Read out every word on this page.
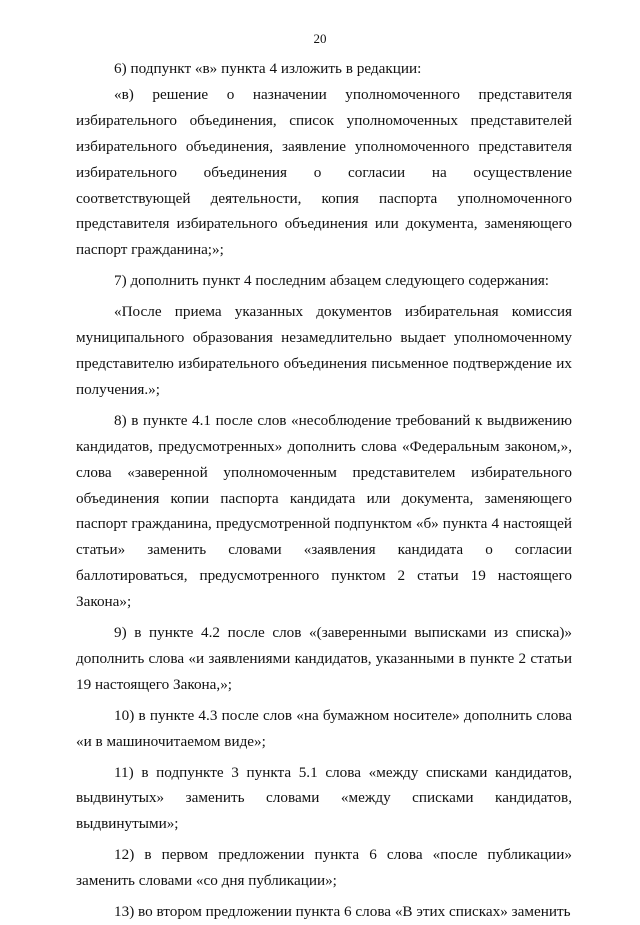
20

6) подпункт «в» пункта 4 изложить в редакции:

«в) решение о назначении уполномоченного представителя избирательного объединения, список уполномоченных представителей избирательного объединения, заявление уполномоченного представителя избирательного объединения о согласии на осуществление соответствующей деятельности, копия паспорта уполномоченного представителя избирательного объединения или документа, заменяющего паспорт гражданина;»;

7) дополнить пункт 4 последним абзацем следующего содержания:

«После приема указанных документов избирательная комиссия муниципального образования незамедлительно выдает уполномоченному представителю избирательного объединения письменное подтверждение их получения.»;

8) в пункте 4.1 после слов «несоблюдение требований к выдвижению кандидатов, предусмотренных» дополнить слова «Федеральным законом,», слова «заверенной уполномоченным представителем избирательного объединения копии паспорта кандидата или документа, заменяющего паспорт гражданина, предусмотренной подпунктом «б» пункта 4 настоящей статьи» заменить словами «заявления кандидата о согласии баллотироваться, предусмотренного пунктом 2 статьи 19 настоящего Закона»;

9) в пункте 4.2 после слов «(заверенными выписками из списка)» дополнить слова «и заявлениями кандидатов, указанными в пункте 2 статьи 19 настоящего Закона,»;

10) в пункте 4.3 после слов «на бумажном носителе» дополнить слова «и в машиночитаемом виде»;

11) в подпункте 3 пункта 5.1 слова «между списками кандидатов, выдвинутых» заменить словами «между списками кандидатов, выдвинутыми»;

12) в первом предложении пункта 6 слова «после публикации» заменить словами «со дня публикации»;

13) во втором предложении пункта 6 слова «В этих списках» заменить
